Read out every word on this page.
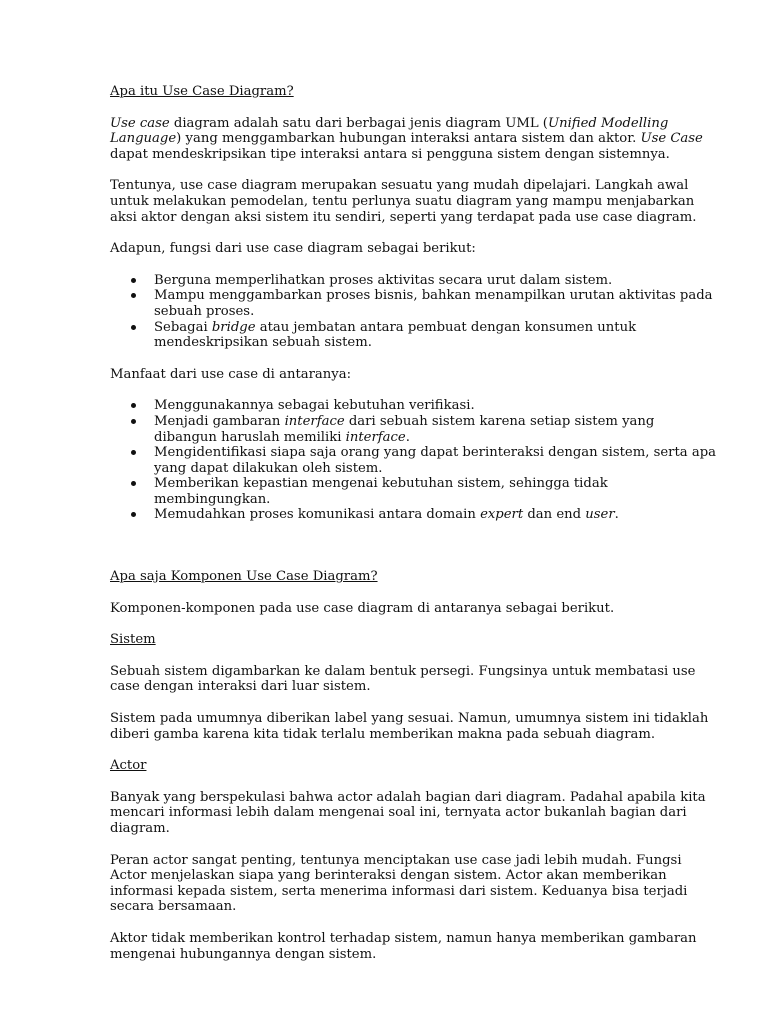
Apa itu Use Case Diagram?

Use case diagram adalah satu dari berbagai jenis diagram UML (Unified Modelling Language) yang menggambarkan hubungan interaksi antara sistem dan aktor. Use Case dapat mendeskripsikan tipe interaksi antara si pengguna sistem dengan sistemnya.

Tentunya, use case diagram merupakan sesuatu yang mudah dipelajari. Langkah awal untuk melakukan pemodelan, tentu perlunya suatu diagram yang mampu menjabarkan aksi aktor dengan aksi sistem itu sendiri, seperti yang terdapat pada use case diagram.

Adapun, fungsi dari use case diagram sebagai berikut:

Berguna memperlihatkan proses aktivitas secara urut dalam sistem.
Mampu menggambarkan proses bisnis, bahkan menampilkan urutan aktivitas pada sebuah proses.
Sebagai bridge atau jembatan antara pembuat dengan konsumen untuk mendeskripsikan sebuah sistem.

Manfaat dari use case di antaranya:

Menggunakannya sebagai kebutuhan verifikasi.
Menjadi gambaran interface dari sebuah sistem karena setiap sistem yang dibangun haruslah memiliki interface.
Mengidentifikasi siapa saja orang yang dapat berinteraksi dengan sistem, serta apa yang dapat dilakukan oleh sistem.
Memberikan kepastian mengenai kebutuhan sistem, sehingga tidak membingungkan.
Memudahkan proses komunikasi antara domain expert dan end user.
Apa saja Komponen Use Case Diagram?

Komponen-komponen pada use case diagram di antaranya sebagai berikut.

Sistem

Sebuah sistem digambarkan ke dalam bentuk persegi. Fungsinya untuk membatasi use case dengan interaksi dari luar sistem.

Sistem pada umumnya diberikan label yang sesuai. Namun, umumnya sistem ini tidaklah diberi gamba karena kita tidak terlalu memberikan makna pada sebuah diagram.

Actor

Banyak yang berspekulasi bahwa actor adalah bagian dari diagram. Padahal apabila kita mencari informasi lebih dalam mengenai soal ini, ternyata actor bukanlah bagian dari diagram.

Peran actor sangat penting, tentunya menciptakan use case jadi lebih mudah. Fungsi Actor menjelaskan siapa yang berinteraksi dengan sistem. Actor akan memberikan informasi kepada sistem, serta menerima informasi dari sistem. Keduanya bisa terjadi secara bersamaan.

Aktor tidak memberikan kontrol terhadap sistem, namun hanya memberikan gambaran mengenai hubungannya dengan sistem.
